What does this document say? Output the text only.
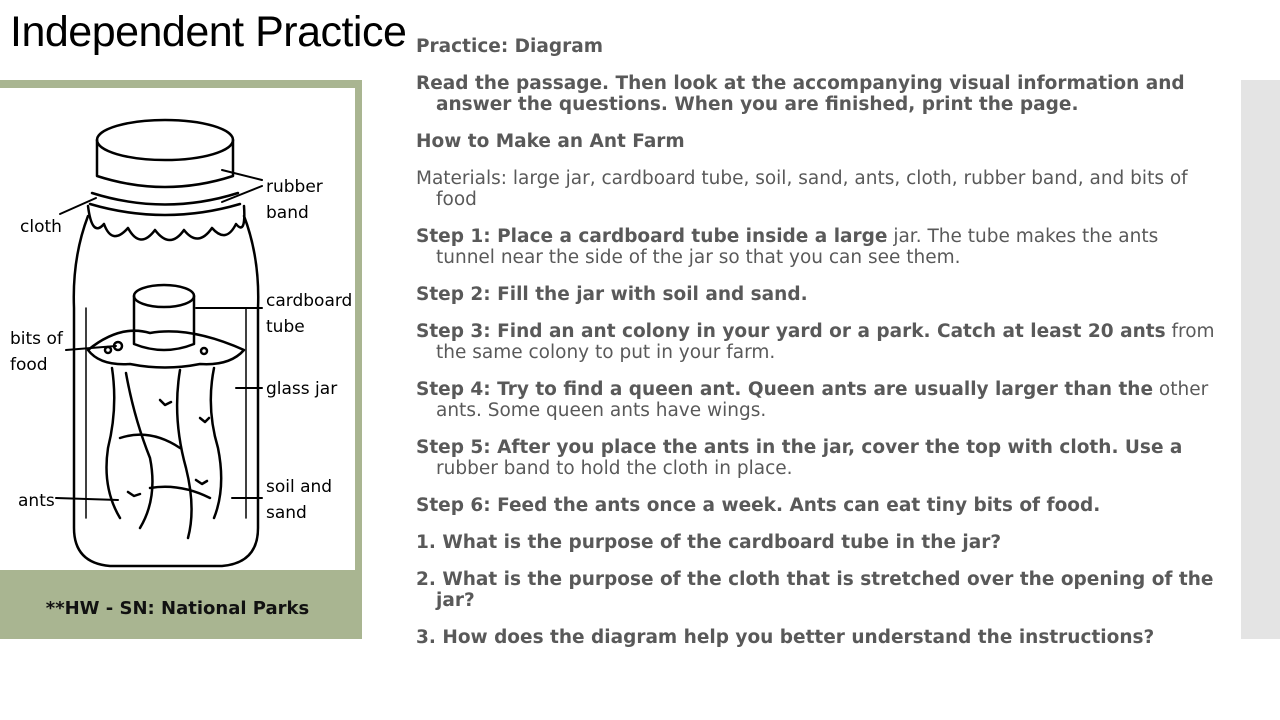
Independent Practice
rubber
band
cloth
cardboard
tube
bits of
food
glass jar
ants
soil and
sand
**HW - SN: National Parks

Practice: Diagram

Read the passage. Then look at the accompanying visual information and answer the questions. When you are finished, print the page.

How to Make an Ant Farm

Materials: large jar, cardboard tube, soil, sand, ants, cloth, rubber band, and bits of food

Step 1: Place a cardboard tube inside a large jar. The tube makes the ants tunnel near the side of the jar so that you can see them.

Step 2: Fill the jar with soil and sand.

Step 3: Find an ant colony in your yard or a park. Catch at least 20 ants from the same colony to put in your farm.

Step 4: Try to find a queen ant. Queen ants are usually larger than the other ants. Some queen ants have wings.

Step 5: After you place the ants in the jar, cover the top with cloth. Use a rubber band to hold the cloth in place.

Step 6: Feed the ants once a week. Ants can eat tiny bits of food.

1. What is the purpose of the cardboard tube in the jar?

2. What is the purpose of the cloth that is stretched over the opening of the jar?

3. How does the diagram help you better understand the instructions?
